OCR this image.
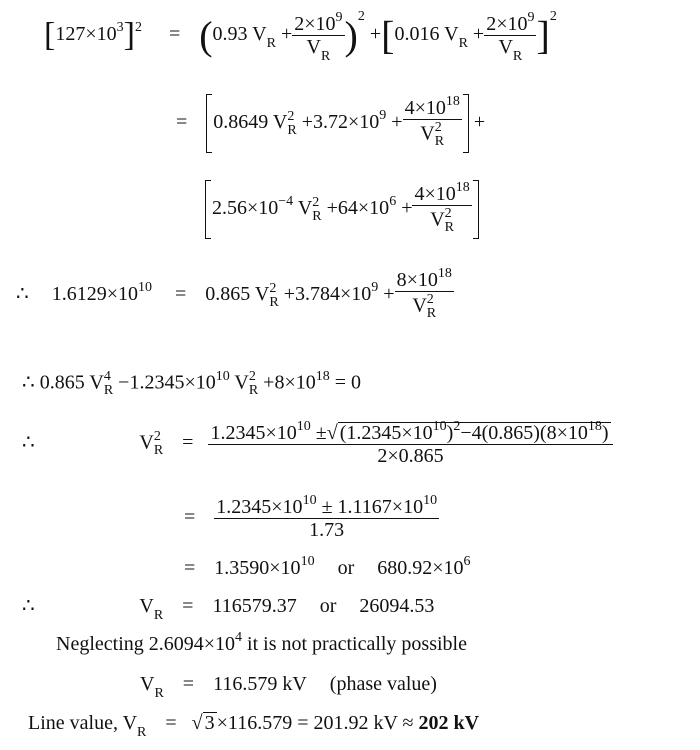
$[127\times 10^3]^2 = (0.93$ $V_R + \frac{2\times 10^9}{V_R} )^2 +[0.016$ $V_R + \frac{2\times 10^9}{V_R} ]^2$
= 0.8649 V 2
$R +3.72\times 10^9 + 4\times 10^{18}$
V 2
R +
$2.56\times 10^{-4}$ V 2
$R +64\times 10^6 + 4\times 10^{18}$
V 2
R
∴ $1.6129\times 10^{10} = 0.865$ V 2
$R +3.784\times 10^9 + 8\times 10^{18}$
V 2
R
∴ 0.865 V 4
$R -1.2345\times 10^{10}$ V 2
$R +8\times 10^{18} = 0$
∴	V 2
$R = \frac{1.2345\times 10^{10} \pm√ (1.2345\times 10^{10})^2-4(0.865)(8\times 10^{18})}{2\times 0.865}$
= $\frac{1.2345\times 10^{10} \pm 1.1167\times 10^{10}}{1.73}$
= $1.3590\times 10^{10}$ or $680.92\times 10^6$
∴	$V_R = 116579.37$ or 26094.53
Neglecting $2.6094\times 10^4$ it is not practically possible
$V_R = 116.579$ kV (phase value)
Line value, $V_R$ = √ 3 ×116.579 = 201.92 kV ≈ 202 kV
